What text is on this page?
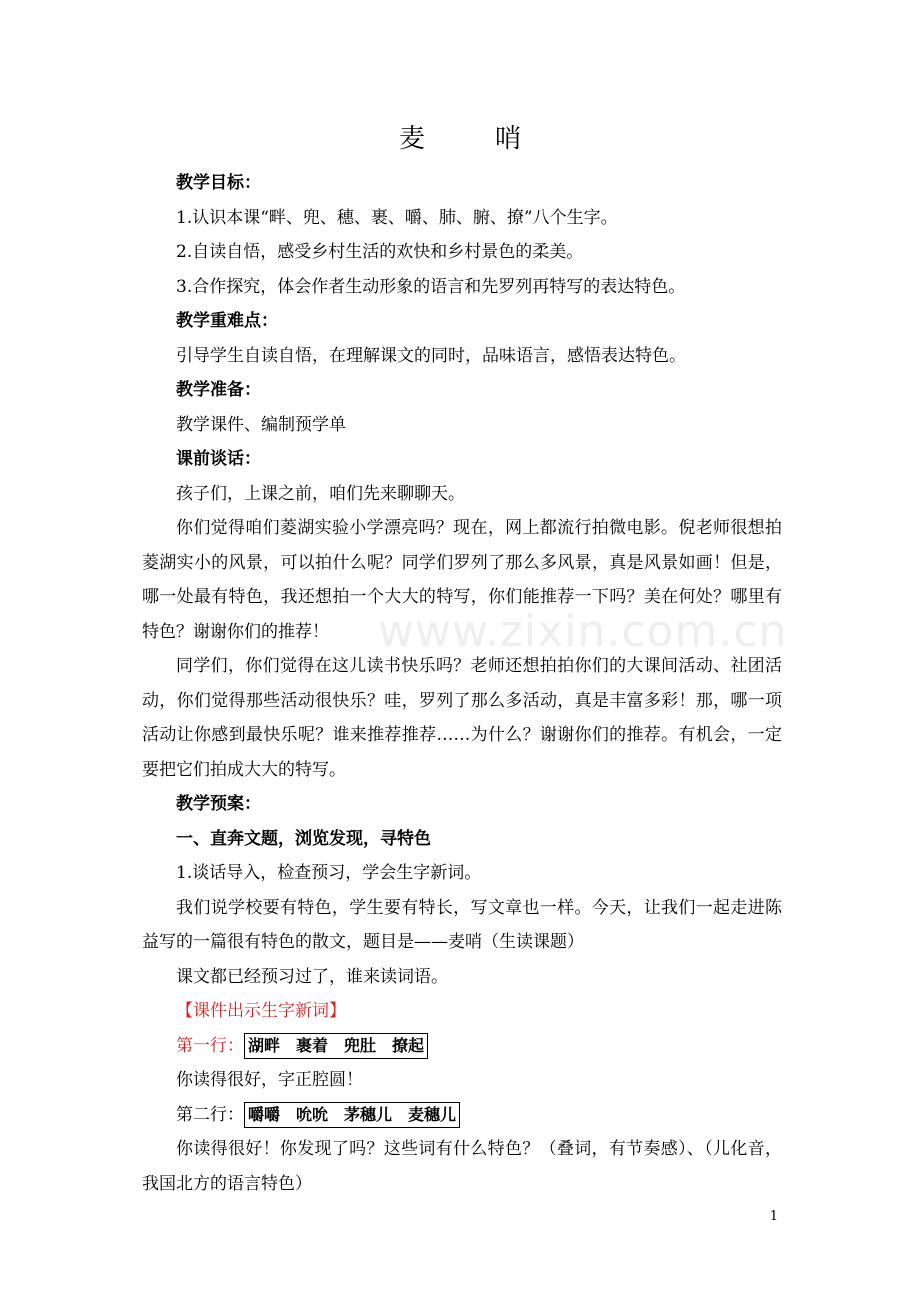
麦　哨

教学目标：

1.认识本课“畔、兜、穗、裹、嚼、肺、腑、撩”八个生字。

2.自读自悟，感受乡村生活的欢快和乡村景色的柔美。

3.合作探究，体会作者生动形象的语言和先罗列再特写的表达特色。

教学重难点：

引导学生自读自悟，在理解课文的同时，品味语言，感悟表达特色。

教学准备：

教学课件、编制预学单

课前谈话：

孩子们，上课之前，咱们先来聊聊天。

你们觉得咱们菱湖实验小学漂亮吗？现在，网上都流行拍微电影。倪老师很想拍菱湖实小的风景，可以拍什么呢？同学们罗列了那么多风景，真是风景如画！但是，哪一处最有特色，我还想拍一个大大的特写，你们能推荐一下吗？美在何处？哪里有特色？谢谢你们的推荐！

同学们，你们觉得在这儿读书快乐吗？老师还想拍拍你们的大课间活动、社团活动，你们觉得那些活动很快乐？哇，罗列了那么多活动，真是丰富多彩！那，哪一项活动让你感到最快乐呢？谁来推荐推荐……为什么？谢谢你们的推荐。有机会，一定要把它们拍成大大的特写。

教学预案：

一、直奔文题，浏览发现，寻特色

1.谈话导入，检查预习，学会生字新词。

我们说学校要有特色，学生要有特长，写文章也一样。今天，让我们一起走进陈益写的一篇很有特色的散文，题目是——麦哨（生读课题）

课文都已经预习过了，谁来读词语。

【课件出示生字新词】

第一行： 湖畔 裹着 兜肚 撩起

你读得很好，字正腔圆！

第二行： 嚼嚼 吮吮 茅穗儿 麦穗儿

你读得很好！你发现了吗？这些词有什么特色？（叠词，有节奏感）、（儿化音，我国北方的语言特色）

www.zixin.com.cn
1
